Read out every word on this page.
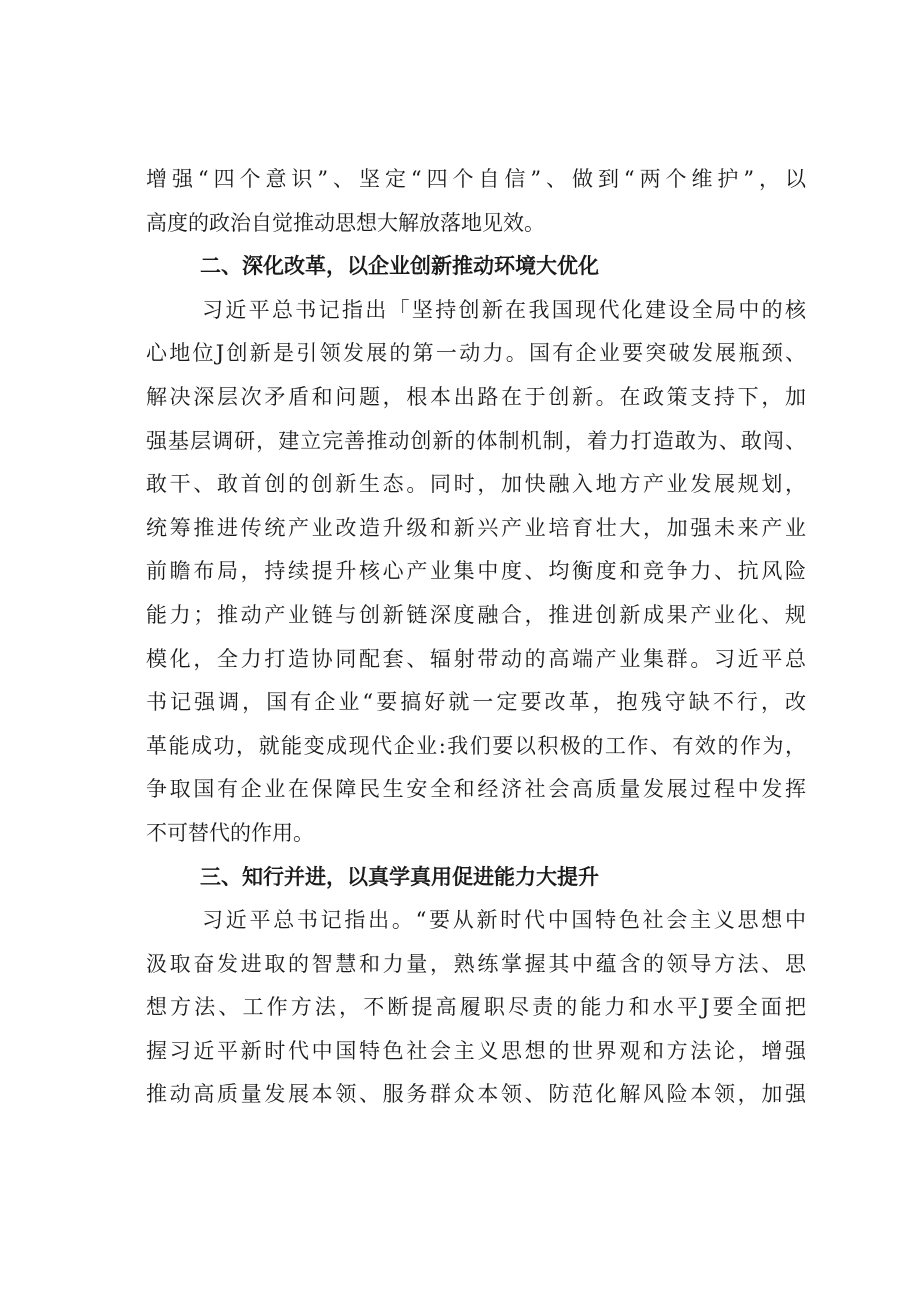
增强“四个意识”、坚定“四个自信”、做到“两个维护”，以
高度的政治自觉推动思想大解放落地见效。
二、深化改革，以企业创新推动环境大优化
习近平总书记指出「坚持创新在我国现代化建设全局中的核
心地位J创新是引领发展的第一动力。国有企业要突破发展瓶颈、
解决深层次矛盾和问题，根本出路在于创新。在政策支持下，加
强基层调研，建立完善推动创新的体制机制，着力打造敢为、敢闯、
敢干、敢首创的创新生态。同时，加快融入地方产业发展规划，
统筹推进传统产业改造升级和新兴产业培育壮大，加强未来产业
前瞻布局，持续提升核心产业集中度、均衡度和竞争力、抗风险
能力；推动产业链与创新链深度融合，推进创新成果产业化、规
模化，全力打造协同配套、辐射带动的高端产业集群。习近平总
书记强调，国有企业“要搞好就一定要改革，抱残守缺不行，改
革能成功，就能变成现代企业:我们要以积极的工作、有效的作为，
争取国有企业在保障民生安全和经济社会高质量发展过程中发挥
不可替代的作用。
三、知行并进，以真学真用促进能力大提升
习近平总书记指出。“要从新时代中国特色社会主义思想中
汲取奋发进取的智慧和力量，熟练掌握其中蕴含的领导方法、思
想方法、工作方法，不断提高履职尽责的能力和水平J要全面把
握习近平新时代中国特色社会主义思想的世界观和方法论，增强
推动高质量发展本领、服务群众本领、防范化解风险本领，加强
